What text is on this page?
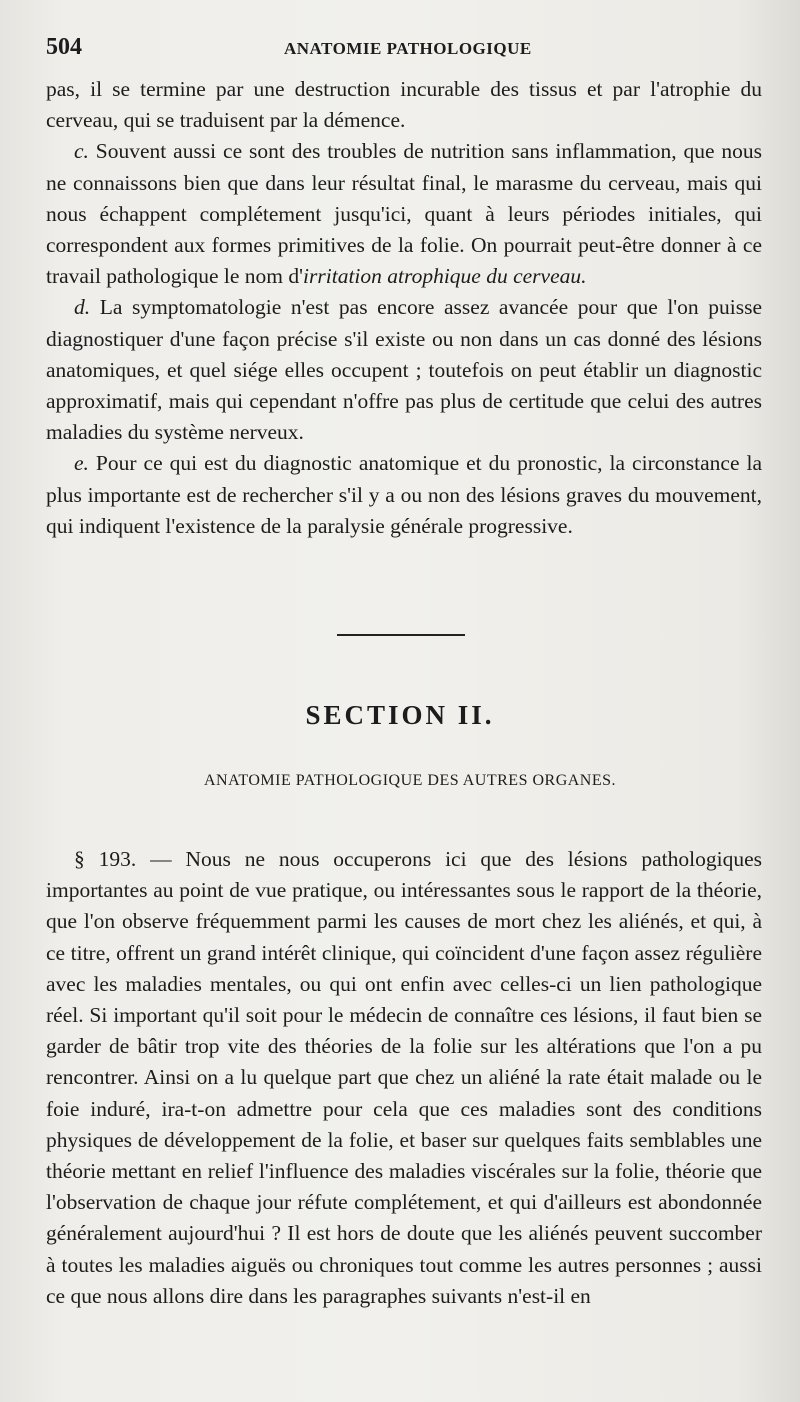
504	ANATOMIE PATHOLOGIQUE

pas, il se termine par une destruction incurable des tissus et par l'atrophie du cerveau, qui se traduisent par la démence.

c. Souvent aussi ce sont des troubles de nutrition sans inflammation, que nous ne connaissons bien que dans leur résultat final, le marasme du cerveau, mais qui nous échappent complétement jusqu'ici, quant à leurs périodes initiales, qui correspondent aux formes primitives de la folie. On pourrait peut-être donner à ce travail pathologique le nom d'irritation atrophique du cerveau.

d. La symptomatologie n'est pas encore assez avancée pour que l'on puisse diagnostiquer d'une façon précise s'il existe ou non dans un cas donné des lésions anatomiques, et quel siége elles occupent ; toutefois on peut établir un diagnostic approximatif, mais qui cependant n'offre pas plus de certitude que celui des autres maladies du système nerveux.

e. Pour ce qui est du diagnostic anatomique et du pronostic, la circonstance la plus importante est de rechercher s'il y a ou non des lésions graves du mouvement, qui indiquent l'existence de la paralysie générale progressive.

SECTION II.
ANATOMIE PATHOLOGIQUE DES AUTRES ORGANES.

§ 193. — Nous ne nous occuperons ici que des lésions pathologiques importantes au point de vue pratique, ou intéressantes sous le rapport de la théorie, que l'on observe fréquemment parmi les causes de mort chez les aliénés, et qui, à ce titre, offrent un grand intérêt clinique, qui coïncident d'une façon assez régulière avec les maladies mentales, ou qui ont enfin avec celles-ci un lien pathologique réel. Si important qu'il soit pour le médecin de connaître ces lésions, il faut bien se garder de bâtir trop vite des théories de la folie sur les altérations que l'on a pu rencontrer. Ainsi on a lu quelque part que chez un aliéné la rate était malade ou le foie induré, ira-t-on admettre pour cela que ces maladies sont des conditions physiques de développement de la folie, et baser sur quelques faits semblables une théorie mettant en relief l'influence des maladies viscérales sur la folie, théorie que l'observation de chaque jour réfute complétement, et qui d'ailleurs est abondonnée généralement aujourd'hui ? Il est hors de doute que les aliénés peuvent succomber à toutes les maladies aiguës ou chroniques tout comme les autres personnes ; aussi ce que nous allons dire dans les paragraphes suivants n'est-il en
